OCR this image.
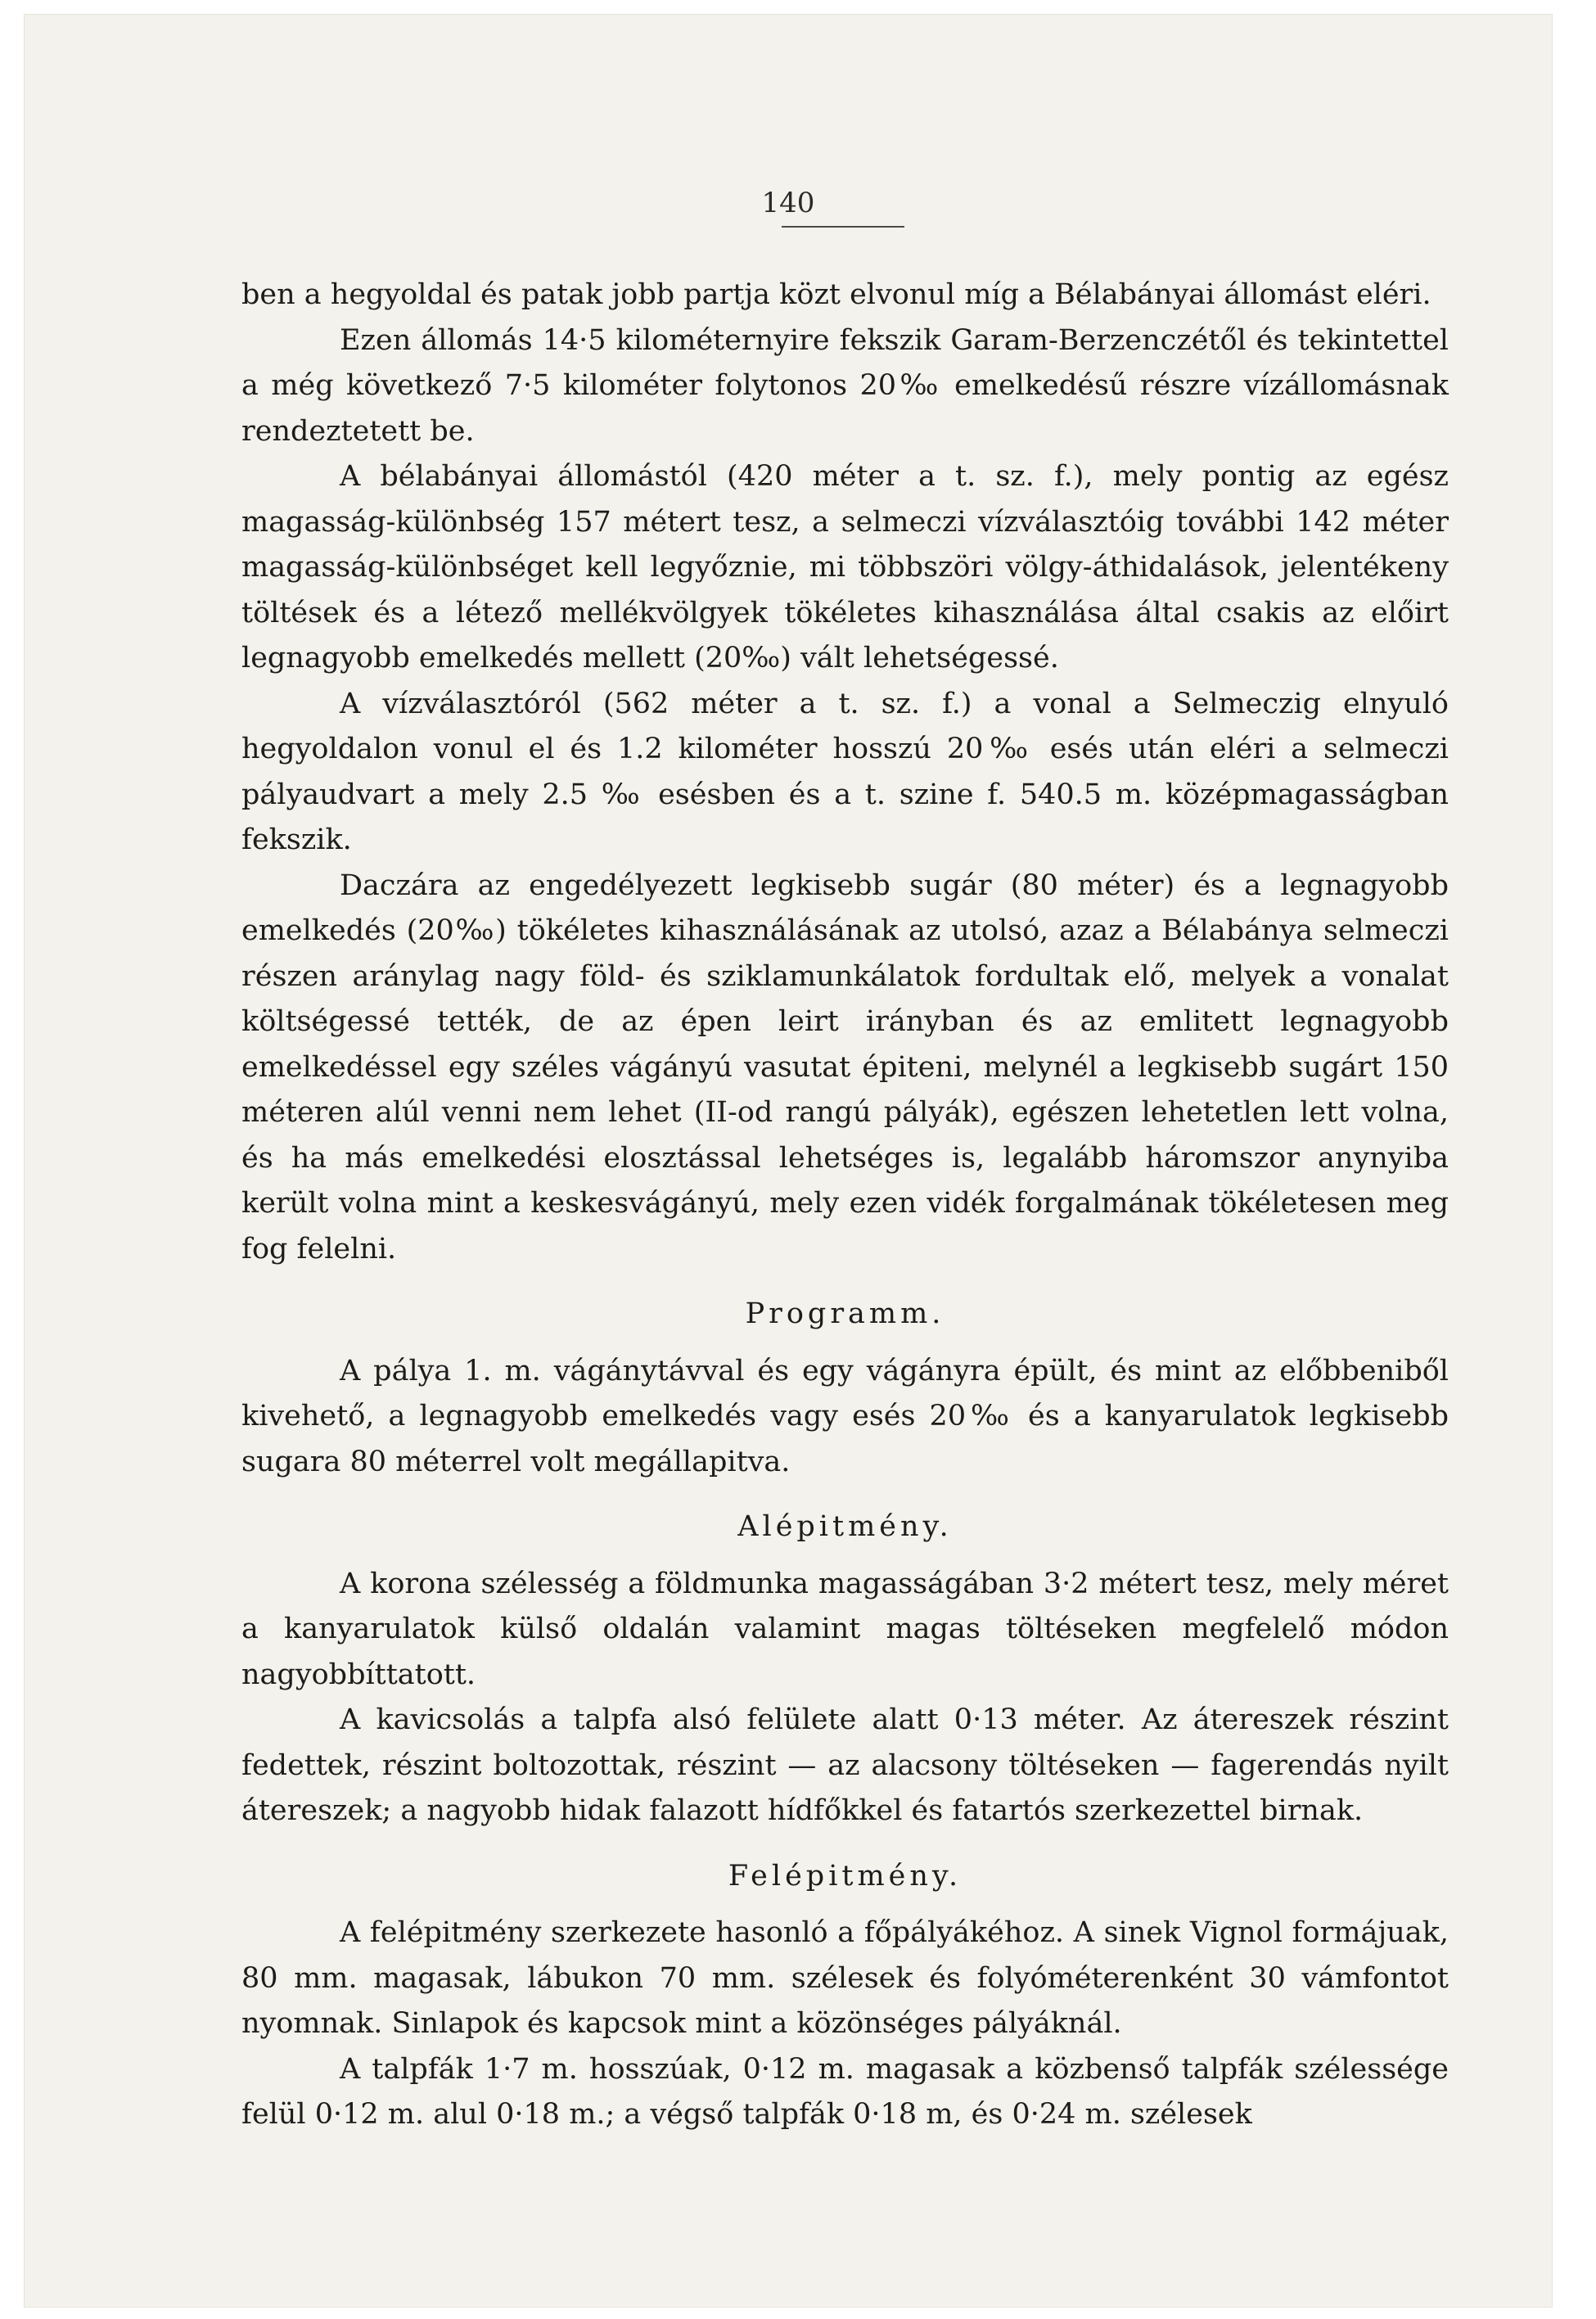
140

ben a hegyoldal és patak jobb partja közt elvonul míg a Bélabányai állomást eléri.

Ezen állomás 14·5 kilométernyire fekszik Garam-Berzenczétől és tekintettel a még következő 7·5 kilométer folytonos 20‰ emelkedésű részre vízállomásnak rendeztetett be.

A bélabányai állomástól (420 méter a t. sz. f.), mely pontig az egész magasság-különbség 157 métert tesz, a selmeczi vízválasztóig további 142 méter magasság-különbséget kell legyőznie, mi többszöri völgy-áthidalások, jelentékeny töltések és a létező mellékvölgyek tökéletes kihasználása által csakis az előirt legnagyobb emelkedés mellett (20‰) vált lehetségessé.

A vízválasztóról (562 méter a t. sz. f.) a vonal a Selmeczig elnyuló hegyoldalon vonul el és 1.2 kilométer hosszú 20‰ esés után eléri a selmeczi pályaudvart a mely 2.5 ‰ esésben és a t. szine f. 540.5 m. középmagasságban fekszik.

Daczára az engedélyezett legkisebb sugár (80 méter) és a legnagyobb emelkedés (20‰) tökéletes kihasználásának az utolsó, azaz a Bélabánya selmeczi részen aránylag nagy föld- és sziklamunkálatok fordultak elő, melyek a vonalat költségessé tették, de az épen leirt irányban és az emlitett legnagyobb emelkedéssel egy széles vágányú vasutat épiteni, melynél a legkisebb sugárt 150 méteren alúl venni nem lehet (II-od rangú pályák), egészen lehetetlen lett volna, és ha más emelkedési elosztással lehetséges is, legalább háromszor anynyiba került volna mint a keskesvágányú, mely ezen vidék forgalmának tökéletesen meg fog felelni.

Programm.

A pálya 1. m. vágánytávval és egy vágányra épült, és mint az előbbeniből kivehető, a legnagyobb emelkedés vagy esés 20‰ és a kanyarulatok legkisebb sugara 80 méterrel volt megállapitva.

Alépitmény.

A korona szélesség a földmunka magasságában 3·2 métert tesz, mely méret a kanyarulatok külső oldalán valamint magas töltéseken megfelelő módon nagyobbíttatott.

A kavicsolás a talpfa alsó felülete alatt 0·13 méter. Az átereszek részint fedettek, részint boltozottak, részint — az alacsony töltéseken — fagerendás nyilt átereszek; a nagyobb hidak falazott hídfőkkel és fatartós szerkezettel birnak.

Felépitmény.

A felépitmény szerkezete hasonló a főpályákéhoz. A sinek Vignol formájuak, 80 mm. magasak, lábukon 70 mm. szélesek és folyóméterenként 30 vámfontot nyomnak. Sinlapok és kapcsok mint a közönséges pályáknál.

A talpfák 1·7 m. hosszúak, 0·12 m. magasak a közbenső talpfák szélessége felül 0·12 m. alul 0·18 m.; a végső talpfák 0·18 m, és 0·24 m. szélesek
